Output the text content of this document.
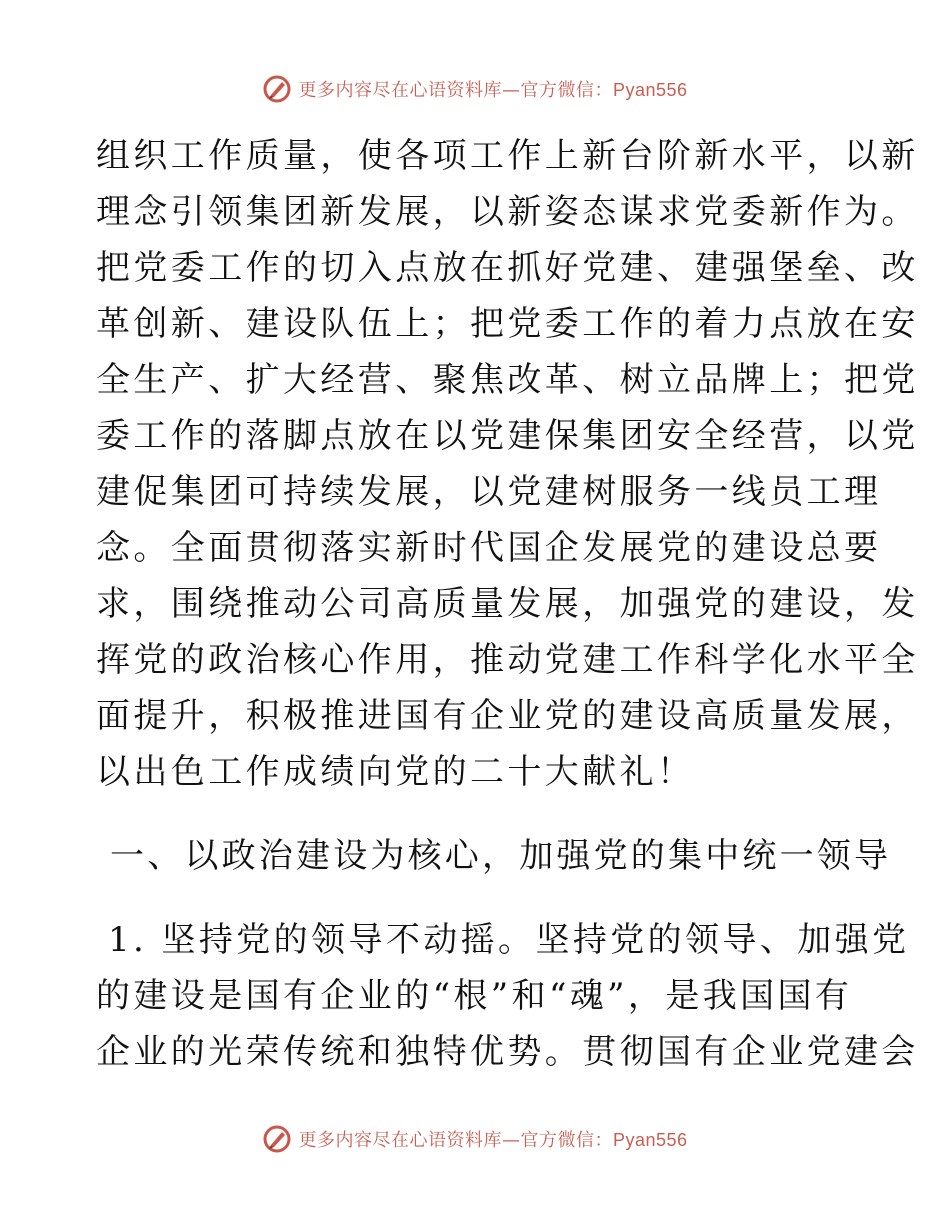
更多内容尽在心语资料库—官方微信：Pyan556
组织工作质量，使各项工作上新台阶新水平，以新
理念引领集团新发展，以新姿态谋求党委新作为。
把党委工作的切入点放在抓好党建、建强堡垒、改
革创新、建设队伍上；把党委工作的着力点放在安
全生产、扩大经营、聚焦改革、树立品牌上；把党
委工作的落脚点放在以党建保集团安全经营，以党
建促集团可持续发展，以党建树服务一线员工理
念。全面贯彻落实新时代国企发展党的建设总要
求，围绕推动公司高质量发展，加强党的建设，发
挥党的政治核心作用，推动党建工作科学化水平全
面提升，积极推进国有企业党的建设高质量发展，
以出色工作成绩向党的二十大献礼！
一、以政治建设为核心，加强党的集中统一领导
1. 坚持党的领导不动摇。坚持党的领导、加强党
的建设是国有企业的“根”和“魂”，是我国国有
企业的光荣传统和独特优势。贯彻国有企业党建会
更多内容尽在心语资料库—官方微信：Pyan556
